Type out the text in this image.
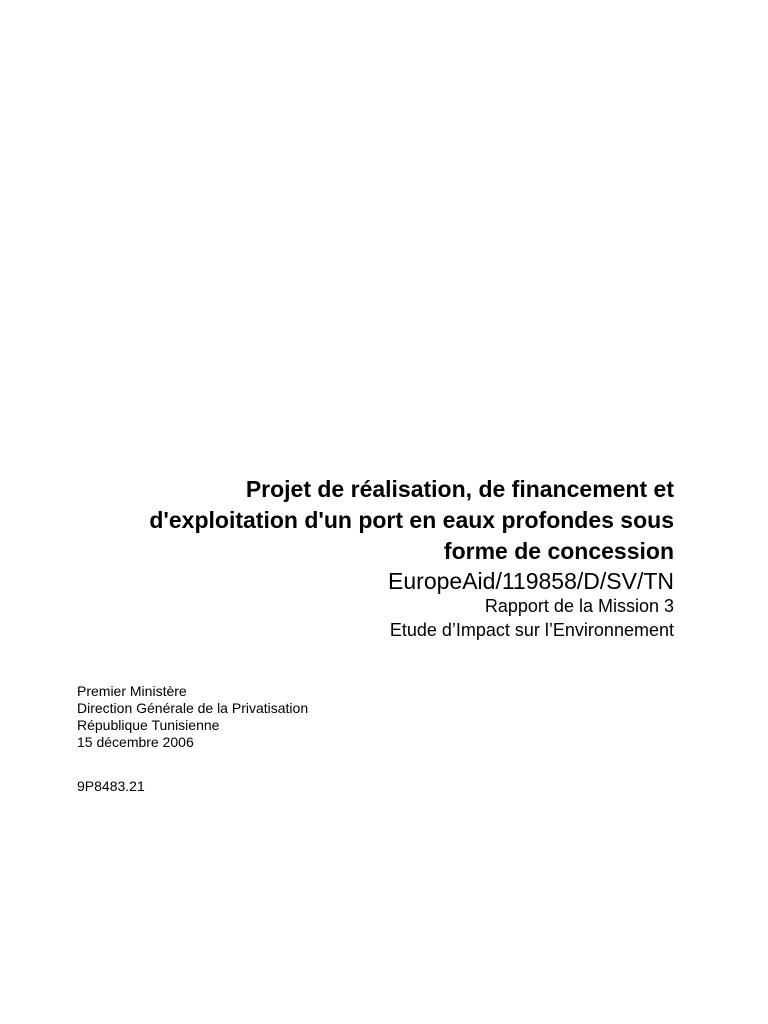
Projet de réalisation, de financement et
d'exploitation d'un port en eaux profondes sous
forme de concession
EuropeAid/119858/D/SV/TN
Rapport de la Mission 3
Etude d’Impact sur l’Environnement
Premier Ministère
Direction Générale de la Privatisation
République Tunisienne
15 décembre 2006
9P8483.21
